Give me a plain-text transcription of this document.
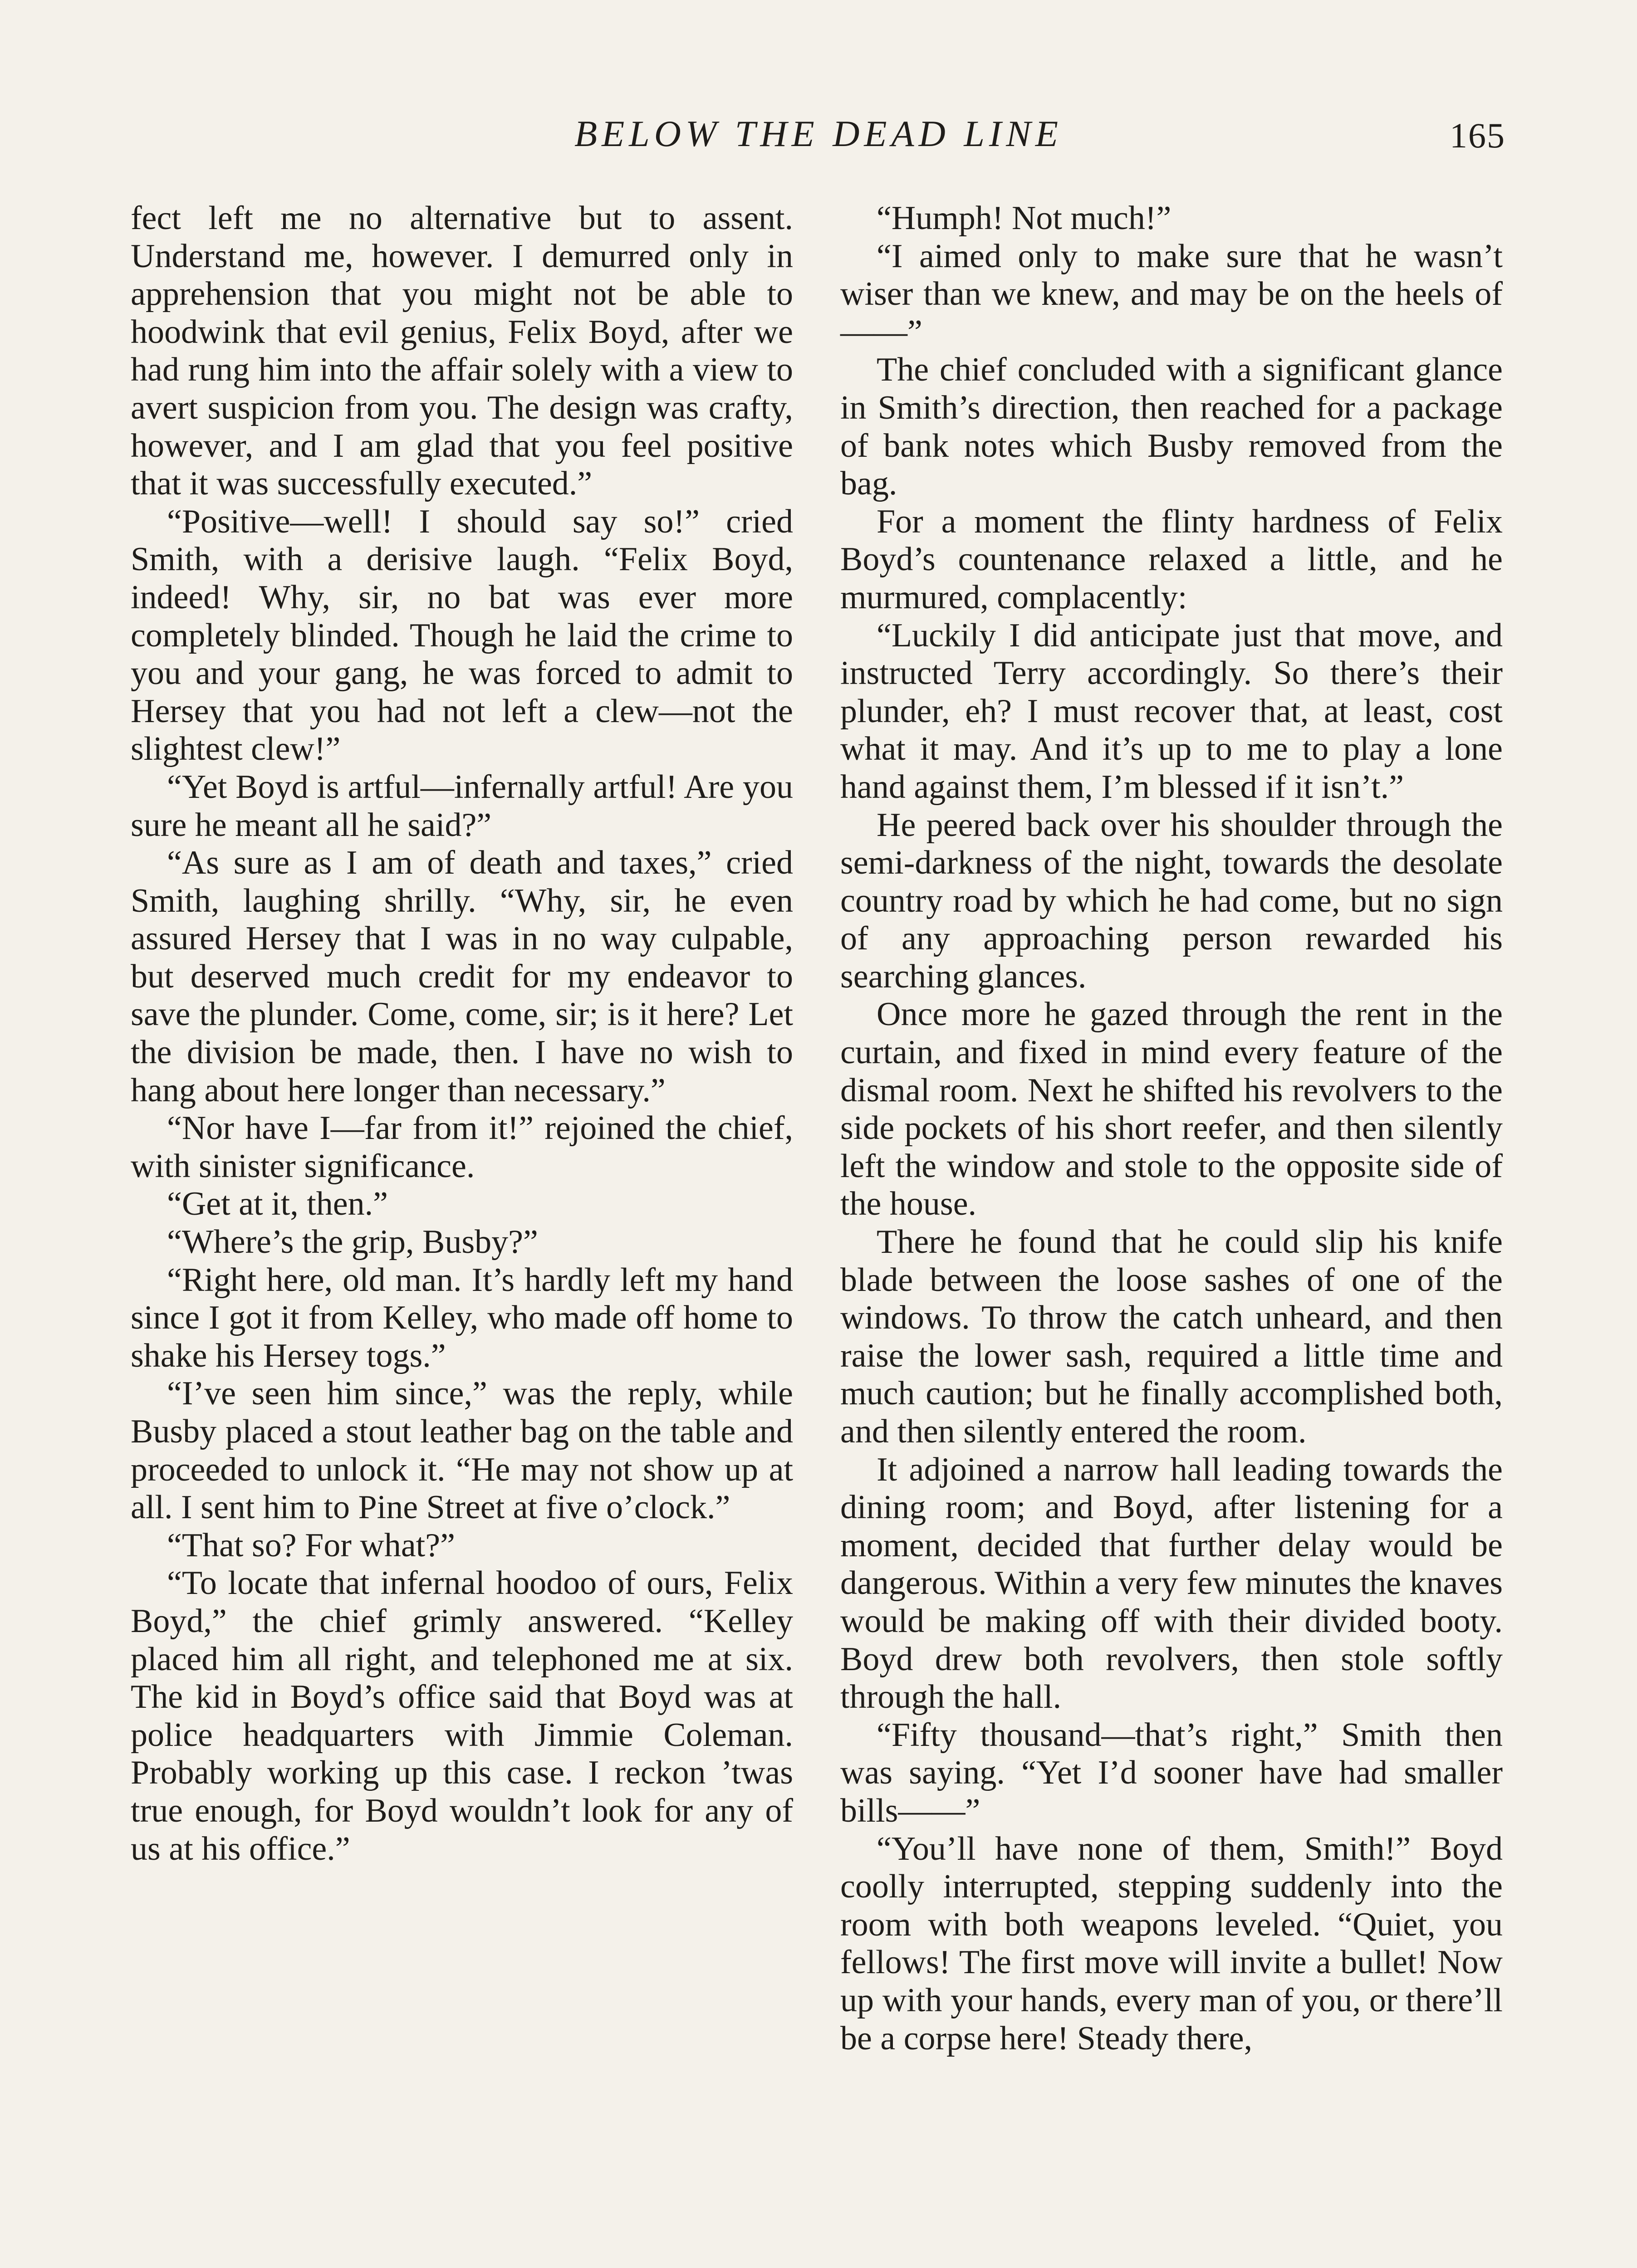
BELOW THE DEAD LINE	165

fect left me no alternative but to assent. Understand me, however. I demurred only in apprehension that you might not be able to hoodwink that evil genius, Felix Boyd, after we had rung him into the affair solely with a view to avert suspicion from you. The design was crafty, however, and I am glad that you feel positive that it was successfully executed.”

“Positive—well! I should say so!” cried Smith, with a derisive laugh. “Felix Boyd, indeed! Why, sir, no bat was ever more completely blinded. Though he laid the crime to you and your gang, he was forced to admit to Hersey that you had not left a clew—not the slightest clew!”

“Yet Boyd is artful—infernally artful! Are you sure he meant all he said?”

“As sure as I am of death and taxes,” cried Smith, laughing shrilly. “Why, sir, he even assured Hersey that I was in no way culpable, but deserved much credit for my endeavor to save the plunder. Come, come, sir; is it here? Let the division be made, then. I have no wish to hang about here longer than necessary.”

“Nor have I—far from it!” rejoined the chief, with sinister significance.

“Get at it, then.”

“Where’s the grip, Busby?”

“Right here, old man. It’s hardly left my hand since I got it from Kelley, who made off home to shake his Hersey togs.”

“I’ve seen him since,” was the reply, while Busby placed a stout leather bag on the table and proceeded to unlock it. “He may not show up at all. I sent him to Pine Street at five o’clock.”

“That so? For what?”

“To locate that infernal hoodoo of ours, Felix Boyd,” the chief grimly answered. “Kelley placed him all right, and telephoned me at six. The kid in Boyd’s office said that Boyd was at police headquarters with Jimmie Coleman. Probably working up this case. I reckon ’twas true enough, for Boyd wouldn’t look for any of us at his office.”

“Humph! Not much!”

“I aimed only to make sure that he wasn’t wiser than we knew, and may be on the heels of——”

The chief concluded with a significant glance in Smith’s direction, then reached for a package of bank notes which Busby removed from the bag.

For a moment the flinty hardness of Felix Boyd’s countenance relaxed a little, and he murmured, complacently:

“Luckily I did anticipate just that move, and instructed Terry accordingly. So there’s their plunder, eh? I must recover that, at least, cost what it may. And it’s up to me to play a lone hand against them, I’m blessed if it isn’t.”

He peered back over his shoulder through the semi-darkness of the night, towards the desolate country road by which he had come, but no sign of any approaching person rewarded his searching glances.

Once more he gazed through the rent in the curtain, and fixed in mind every feature of the dismal room. Next he shifted his revolvers to the side pockets of his short reefer, and then silently left the window and stole to the opposite side of the house.

There he found that he could slip his knife blade between the loose sashes of one of the windows. To throw the catch unheard, and then raise the lower sash, required a little time and much caution; but he finally accomplished both, and then silently entered the room.

It adjoined a narrow hall leading towards the dining room; and Boyd, after listening for a moment, decided that further delay would be dangerous. Within a very few minutes the knaves would be making off with their divided booty. Boyd drew both revolvers, then stole softly through the hall.

“Fifty thousand—that’s right,” Smith then was saying. “Yet I’d sooner have had smaller bills——”

“You’ll have none of them, Smith!” Boyd coolly interrupted, stepping suddenly into the room with both weapons leveled. “Quiet, you fellows! The first move will invite a bullet! Now up with your hands, every man of you, or there’ll be a corpse here! Steady there,
